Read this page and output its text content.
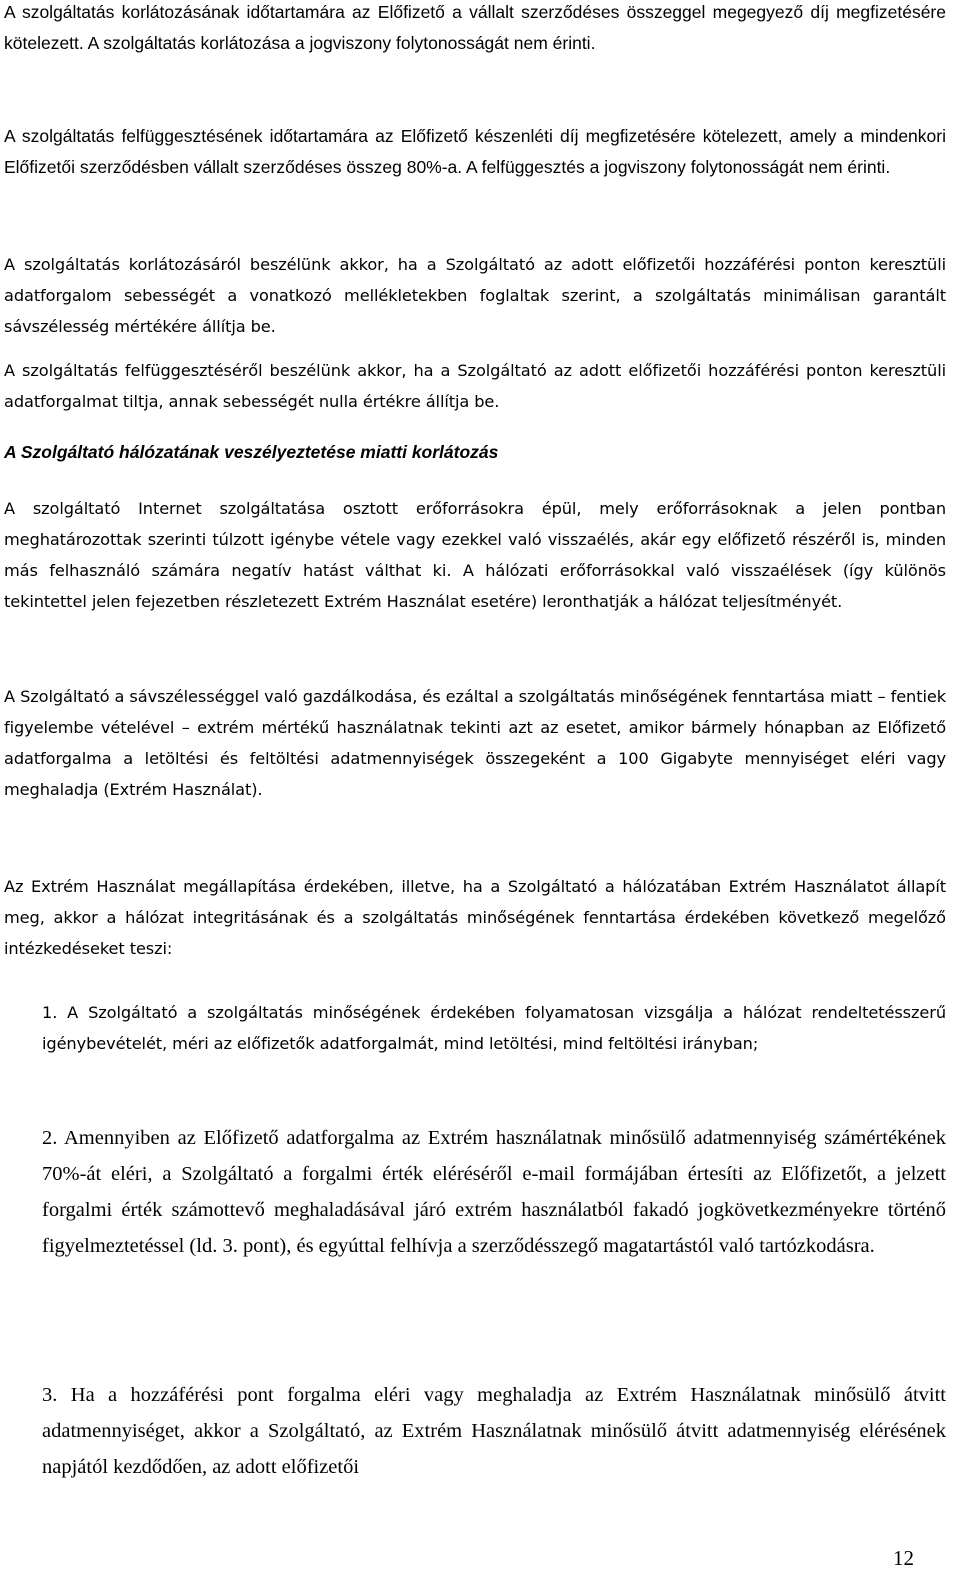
A szolgáltatás korlátozásának időtartamára az Előfizető a vállalt szerződéses összeggel megegyező díj megfizetésére kötelezett. A szolgáltatás korlátozása a jogviszony folytonosságát nem érinti.

A szolgáltatás felfüggesztésének időtartamára az Előfizető készenléti díj megfizetésére kötelezett, amely a mindenkori Előfizetői szerződésben vállalt szerződéses összeg 80%-a. A felfüggesztés a jogviszony folytonosságát nem érinti.

A szolgáltatás korlátozásáról beszélünk akkor, ha a Szolgáltató az adott előfizetői hozzáférési ponton keresztüli adatforgalom sebességét a vonatkozó mellékletekben foglaltak szerint, a szolgáltatás minimálisan garantált sávszélesség mértékére állítja be.

A szolgáltatás felfüggesztéséről beszélünk akkor, ha a Szolgáltató az adott előfizetői hozzáférési ponton keresztüli adatforgalmat tiltja, annak sebességét nulla értékre állítja be.

A Szolgáltató hálózatának veszélyeztetése miatti korlátozás

A szolgáltató Internet szolgáltatása osztott erőforrásokra épül, mely erőforrásoknak a jelen pontban meghatározottak szerinti túlzott igénybe vétele vagy ezekkel való visszaélés, akár egy előfizető részéről is, minden más felhasználó számára negatív hatást válthat ki. A hálózati erőforrásokkal való visszaélések (így különös tekintettel jelen fejezetben részletezett Extrém Használat esetére) leronthatják a hálózat teljesítményét.

A Szolgáltató a sávszélességgel való gazdálkodása, és ezáltal a szolgáltatás minőségének fenntartása miatt – fentiek figyelembe vételével – extrém mértékű használatnak tekinti azt az esetet, amikor bármely hónapban az Előfizető adatforgalma a letöltési és feltöltési adatmennyiségek összegeként a 100 Gigabyte mennyiséget eléri vagy meghaladja (Extrém Használat).

Az Extrém Használat megállapítása érdekében, illetve, ha a Szolgáltató a hálózatában Extrém Használatot állapít meg, akkor a hálózat integritásának és a szolgáltatás minőségének fenntartása érdekében következő megelőző intézkedéseket teszi:

1. A Szolgáltató a szolgáltatás minőségének érdekében folyamatosan vizsgálja a hálózat rendeltetésszerű igénybevételét, méri az előfizetők adatforgalmát, mind letöltési, mind feltöltési irányban;

2. Amennyiben az Előfizető adatforgalma az Extrém használatnak minősülő adatmennyiség számértékének 70%-át eléri, a Szolgáltató a forgalmi érték eléréséről e-mail formájában értesíti az Előfizetőt, a jelzett forgalmi érték számottevő meghaladásával járó extrém használatból fakadó jogkövetkezményekre történő figyelmeztetéssel (ld. 3. pont), és egyúttal felhívja a szerződésszegő magatartástól való tartózkodásra.

3. Ha a hozzáférési pont forgalma eléri vagy meghaladja az Extrém Használatnak minősülő átvitt adatmennyiséget, akkor a Szolgáltató, az Extrém Használatnak minősülő átvitt adatmennyiség elérésének napjától kezdődően, az adott előfizetői

12
